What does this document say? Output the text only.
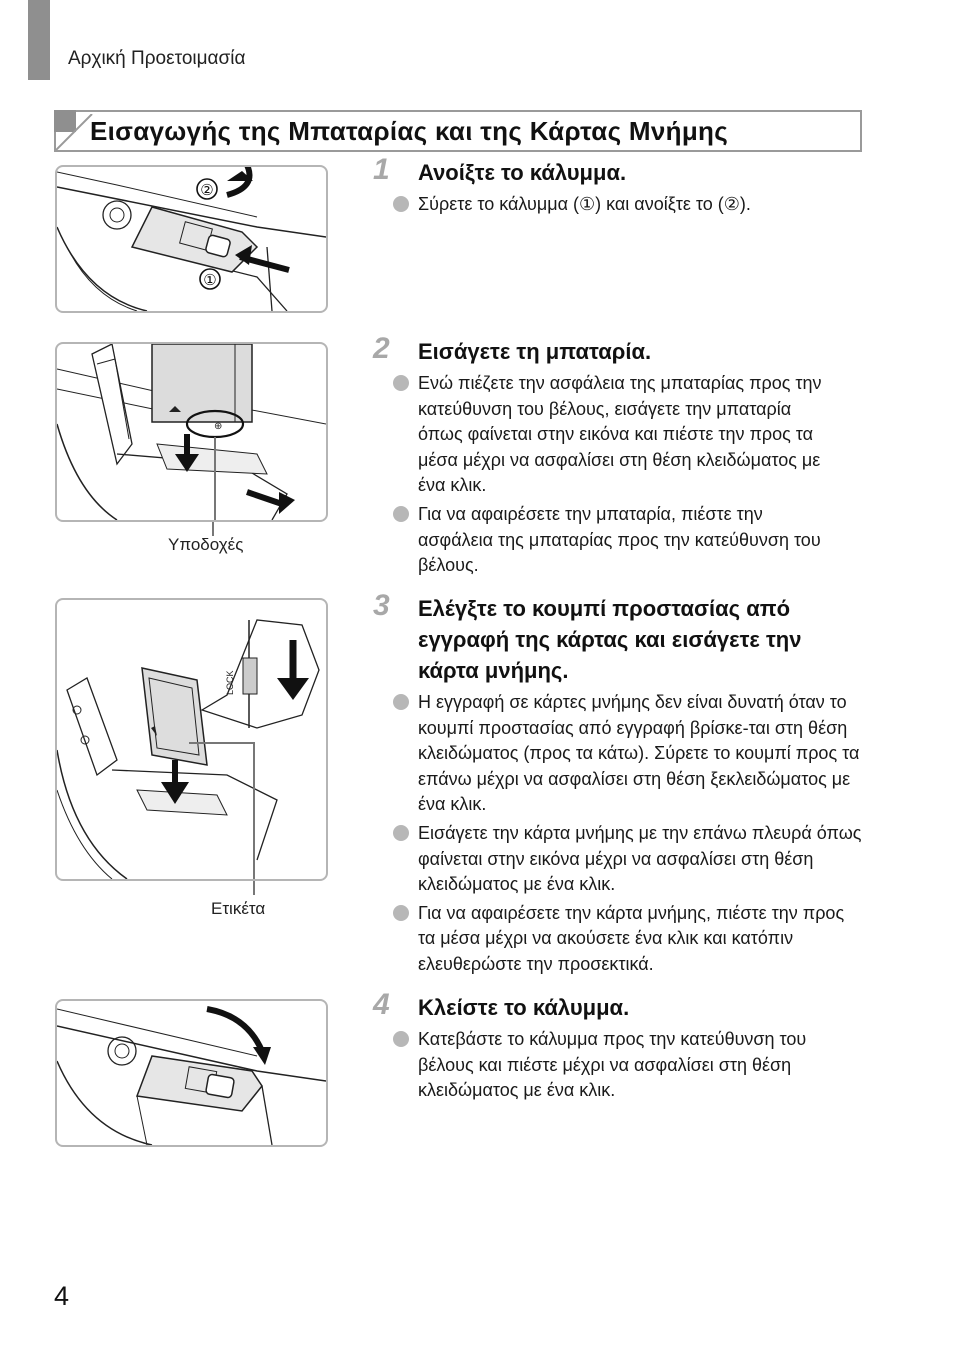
Αρχική Προετοιμασία
Εισαγωγής της Μπαταρίας και της Κάρτας Μνήμης
②
①
⊕
Υποδοχές
LOCK
Ετικέτα
1 Ανοίξτε το κάλυμμα.
Σύρετε το κάλυμμα (①) και ανοίξτε το (②).
2 Εισάγετε τη μπαταρία.
Ενώ πιέζετε την ασφάλεια της μπαταρίας προς την κατεύθυνση του βέλους, εισάγετε την μπαταρία όπως φαίνεται στην εικόνα και πιέστε την προς τα μέσα μέχρι να ασφαλίσει στη θέση κλειδώματος με ένα κλικ.
Για να αφαιρέσετε την μπαταρία, πιέστε την ασφάλεια της μπαταρίας προς την κατεύθυνση του βέλους.
3 Ελέγξτε το κουμπί προστασίας από εγγραφή της κάρτας και εισάγετε την κάρτα μνήμης.
Η εγγραφή σε κάρτες μνήμης δεν είναι δυνατή όταν το κουμπί προστασίας από εγγραφή βρίσκε-ται στη θέση κλειδώματος (προς τα κάτω). Σύρετε το κουμπί προς τα επάνω μέχρι να ασφαλίσει στη θέση ξεκλειδώματος με ένα κλικ.
Εισάγετε την κάρτα μνήμης με την επάνω πλευρά όπως φαίνεται στην εικόνα μέχρι να ασφαλίσει στη θέση κλειδώματος με ένα κλικ.
Για να αφαιρέσετε την κάρτα μνήμης, πιέστε την προς τα μέσα μέχρι να ακούσετε ένα κλικ και κατόπιν ελευθερώστε την προσεκτικά.
4 Κλείστε το κάλυμμα.
Κατεβάστε το κάλυμμα προς την κατεύθυνση του βέλους και πιέστε μέχρι να ασφαλίσει στη θέση κλειδώματος με ένα κλικ.
4
